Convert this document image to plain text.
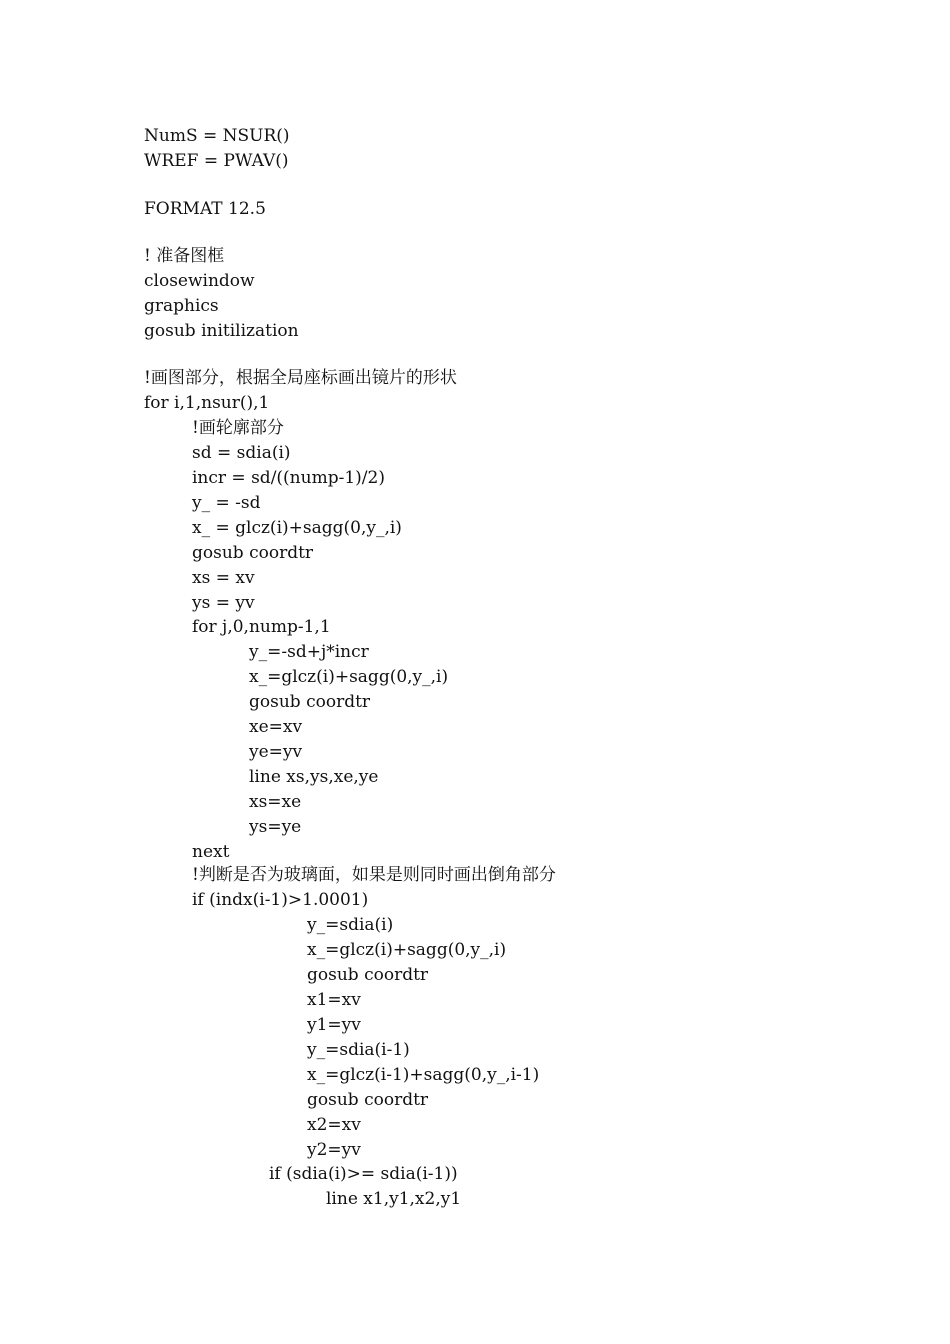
NumS = NSUR()
WREF = PWAV()
FORMAT 12.5
! 准备图框
closewindow
graphics
gosub initilization
!画图部分，根据全局座标画出镜片的形状
for i,1,nsur(),1
!画轮廓部分
sd = sdia(i)
incr = sd/((nump-1)/2)
y_ = -sd
x_ = glcz(i)+sagg(0,y_,i)
gosub coordtr
xs = xv
ys = yv
for j,0,nump-1,1
y_=-sd+j*incr
x_=glcz(i)+sagg(0,y_,i)
gosub coordtr
xe=xv
ye=yv
line xs,ys,xe,ye
xs=xe
ys=ye
next
!判断是否为玻璃面，如果是则同时画出倒角部分
if (indx(i-1)>1.0001)
y_=sdia(i)
x_=glcz(i)+sagg(0,y_,i)
gosub coordtr
x1=xv
y1=yv
y_=sdia(i-1)
x_=glcz(i-1)+sagg(0,y_,i-1)
gosub coordtr
x2=xv
y2=yv
if (sdia(i)>= sdia(i-1))
line x1,y1,x2,y1
